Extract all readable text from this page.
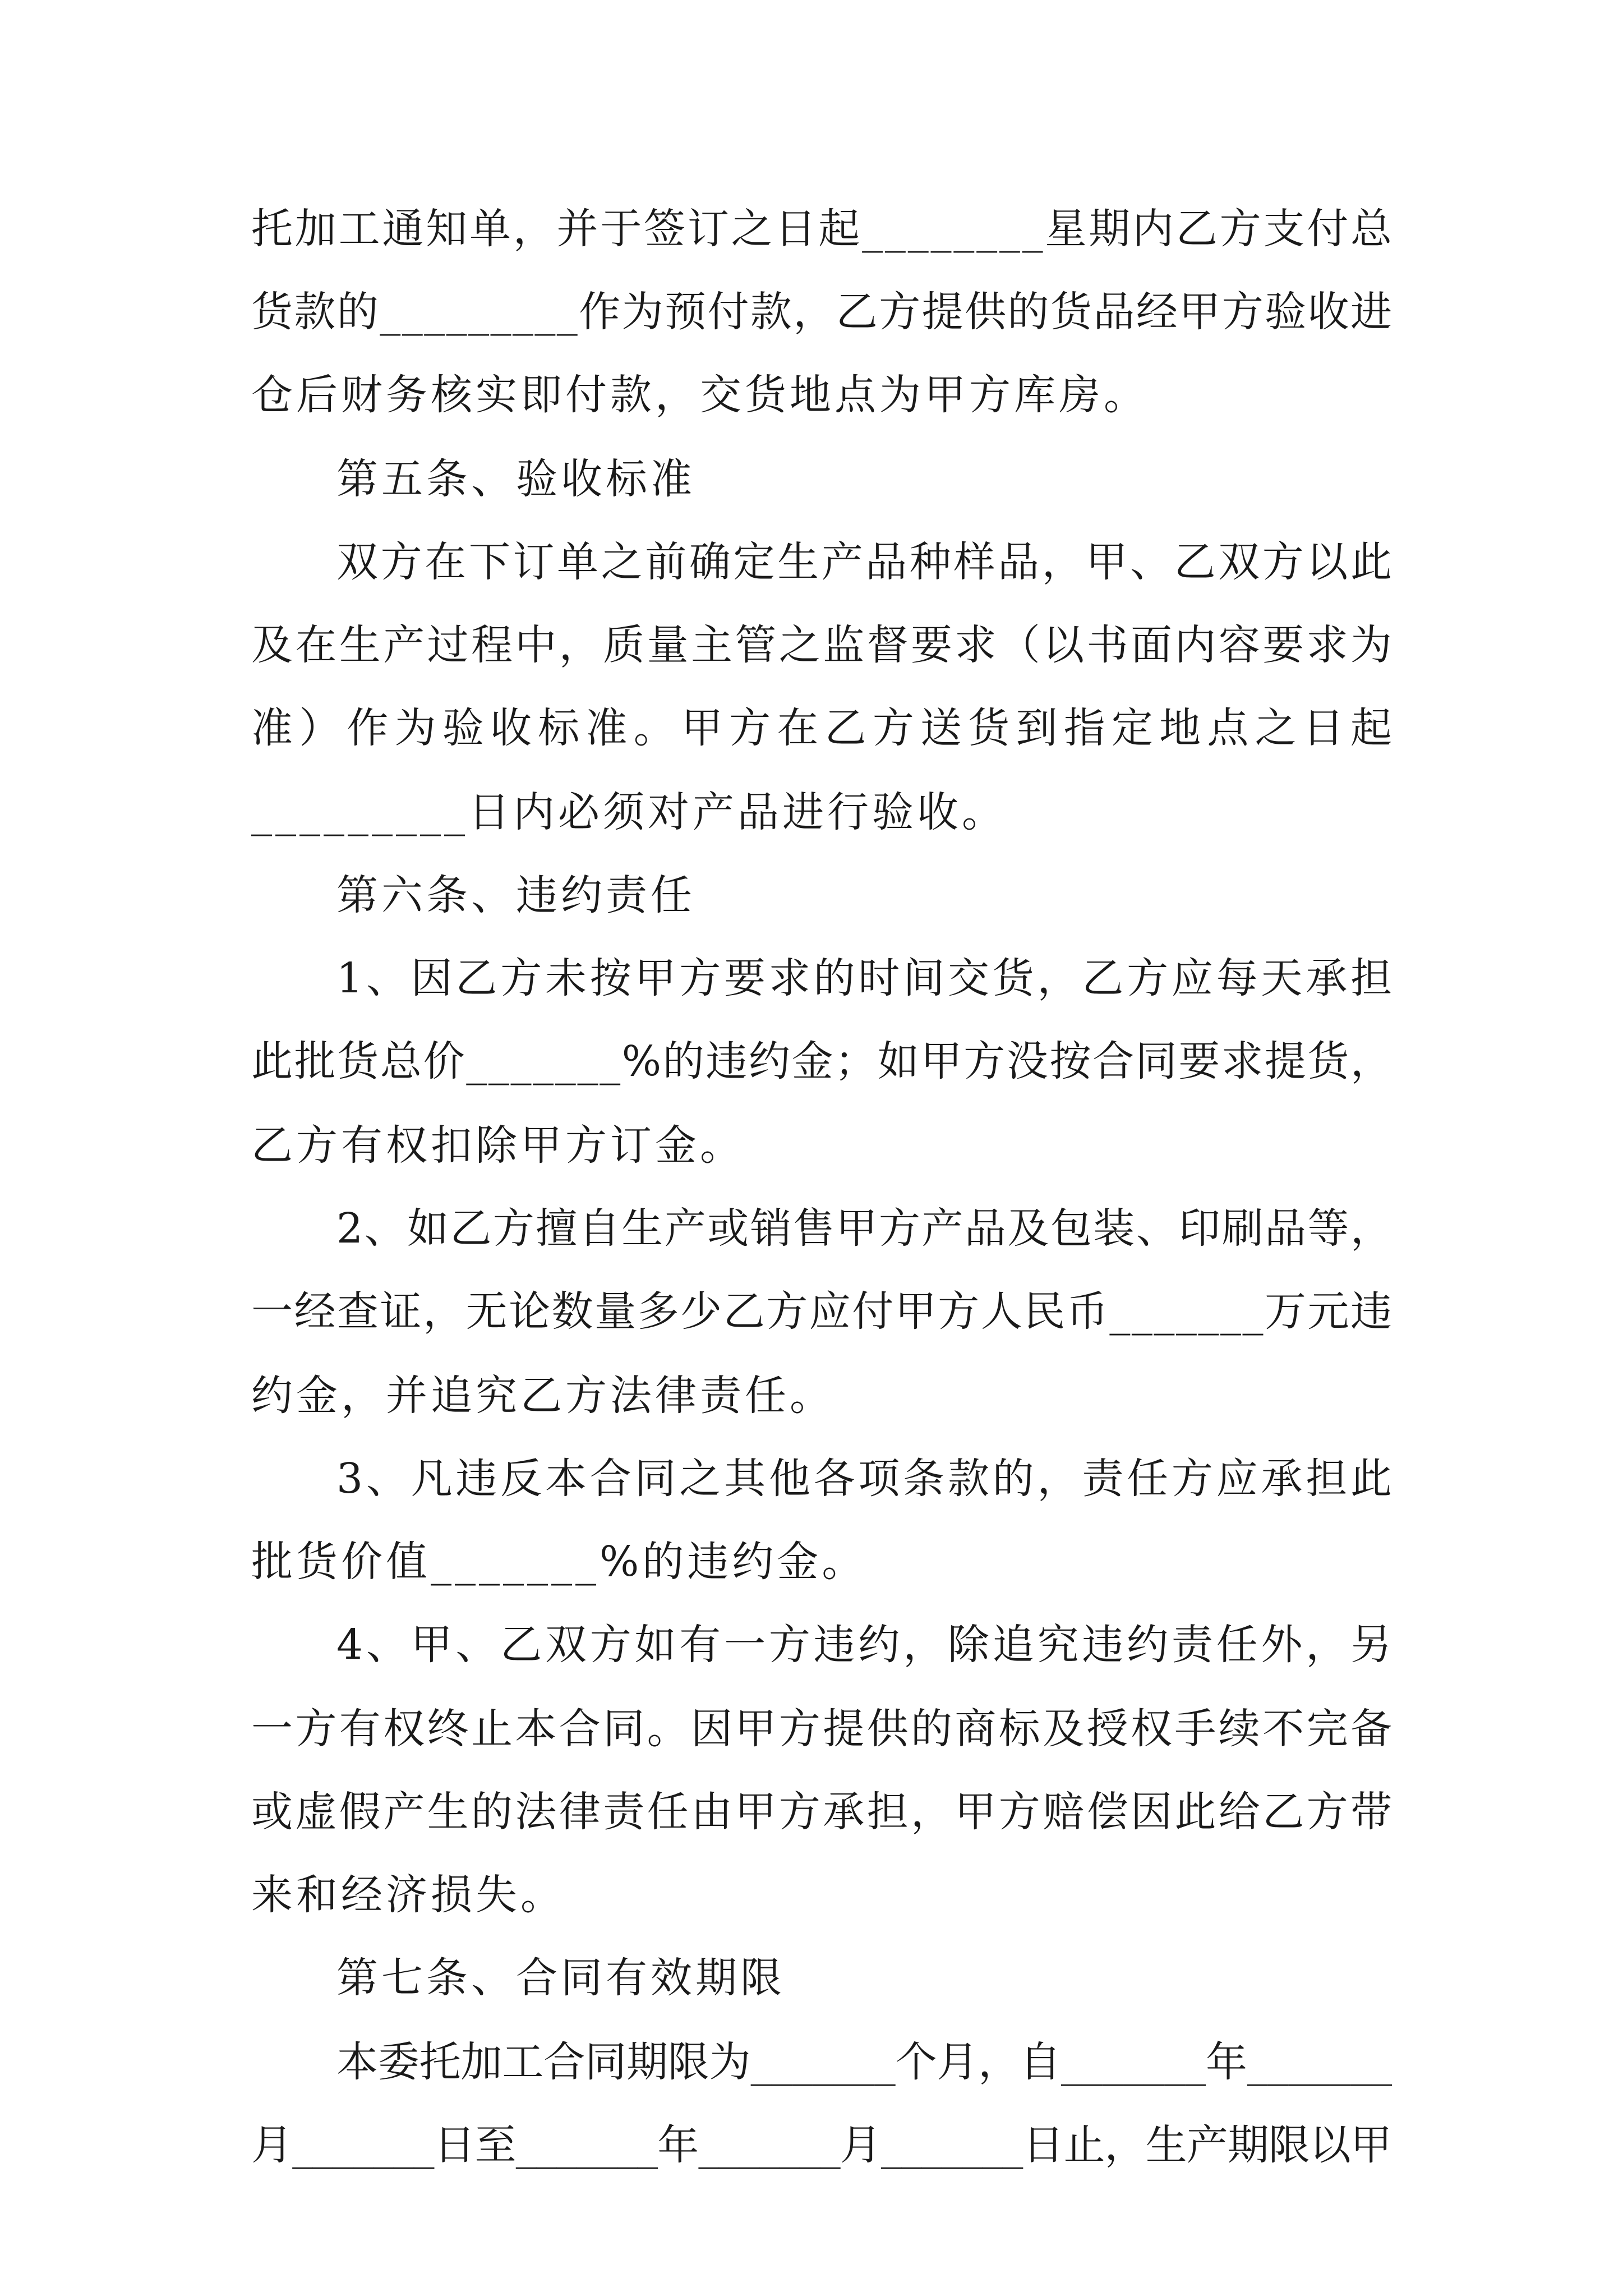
托加工通知单，并于签订之日起________星期内乙方支付总
货款的_________作为预付款，乙方提供的货品经甲方验收进
仓后财务核实即付款，交货地点为甲方库房。
第五条、验收标准
双方在下订单之前确定生产品种样品，甲、乙双方以此
及在生产过程中，质量主管之监督要求（以书面内容要求为
准）作为验收标准。甲方在乙方送货到指定地点之日起
_________日内必须对产品进行验收。
第六条、违约责任
1、因乙方未按甲方要求的时间交货，乙方应每天承担
此批货总价_______%的违约金；如甲方没按合同要求提货，
乙方有权扣除甲方订金。
2、如乙方擅自生产或销售甲方产品及包装、印刷品等，
一经查证，无论数量多少乙方应付甲方人民币_______万元违
约金，并追究乙方法律责任。
3、凡违反本合同之其他各项条款的，责任方应承担此
批货价值_______%的违约金。
4、甲、乙双方如有一方违约，除追究违约责任外，另
一方有权终止本合同。因甲方提供的商标及授权手续不完备
或虚假产生的法律责任由甲方承担，甲方赔偿因此给乙方带
来和经济损失。
第七条、合同有效期限
本委托加工合同期限为_______个月，自_______年_______
月_______日至_______年_______月_______日止，生产期限以甲
